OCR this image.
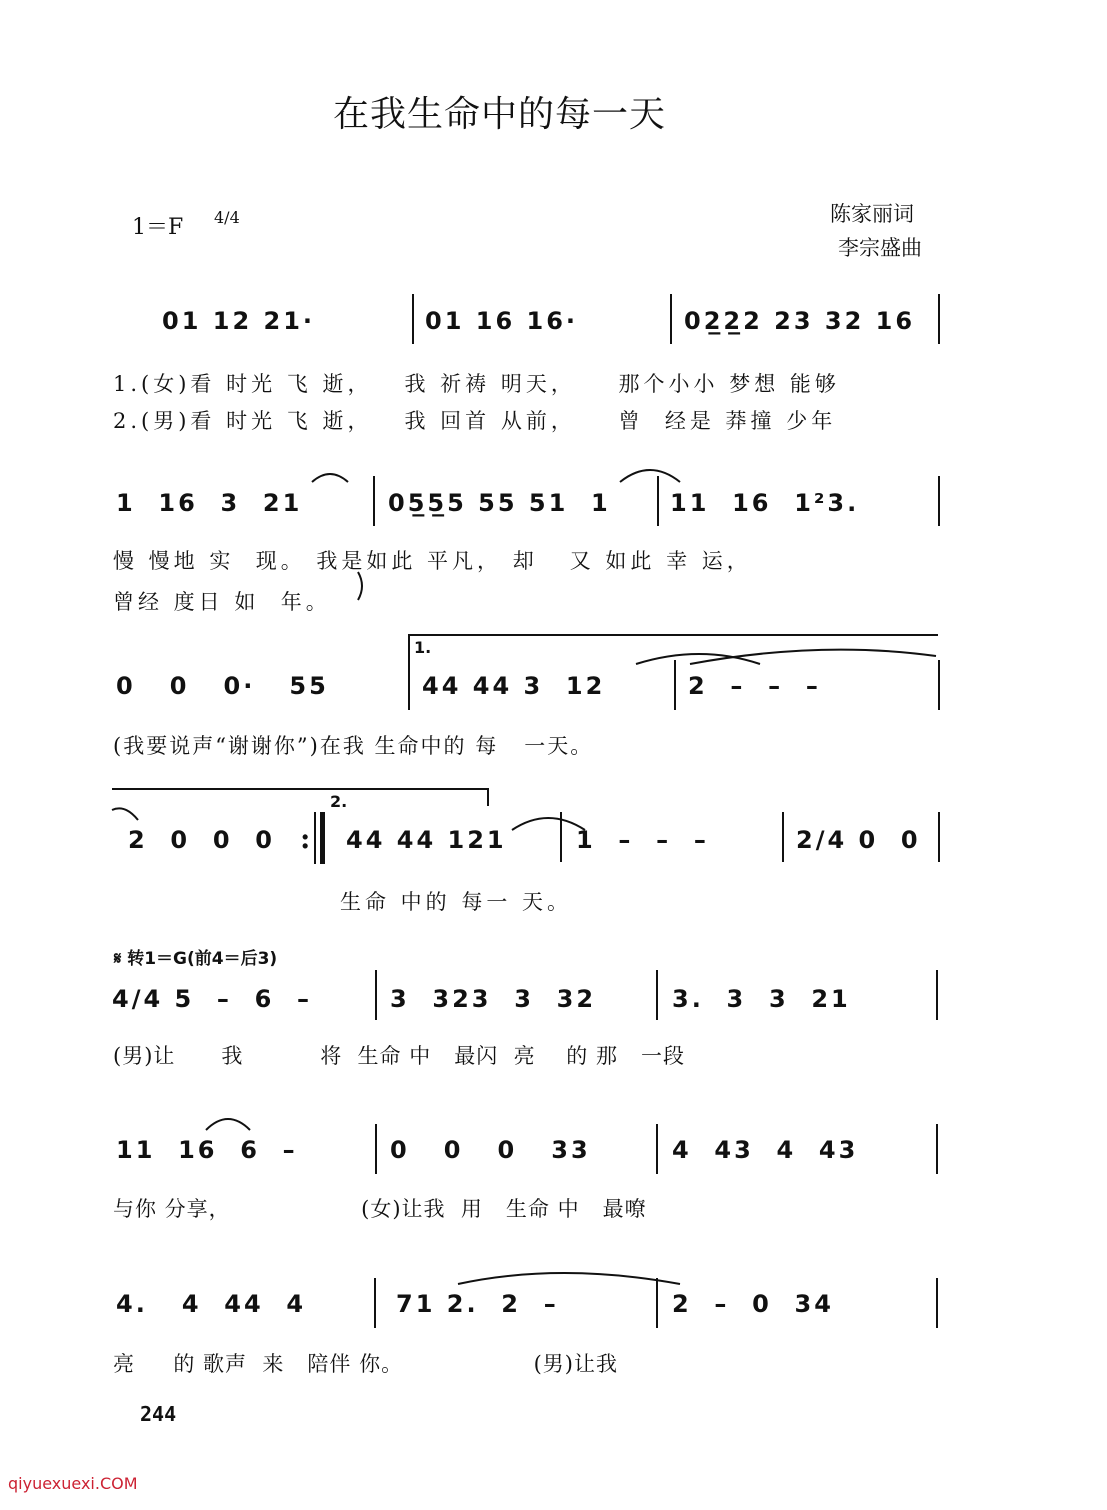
在我生命中的每一天
1＝F 4/4	陈家丽词
李宗盛曲
01 12 21·	01 16 16·	02̲2̲2 23 32 16
1.(女)看 时光 飞 逝，   我 祈祷 明天，    那个小小 梦想 能够
2.(男)看 时光 飞 逝，   我 回首 从前，    曾  经是 莽撞 少年
1  16  3  21	05̲5̲5 55 51  1 11  16  1²3.
慢 慢地 实  现。 我是如此 平凡， 却   又 如此 幸 运，
曾经 度日 如  年。
1.
0   0   0·   55	44 44 3  12	2  –  –  –
(我要说声“谢谢你”)在我 生命中的 每   一天。
2.
2  0  0  0 : 44 44 121	1  –  –  –	2/4 0  0
生命 中的 每一 天。
𝄋 转1＝G(前4＝后3)
4/4 5  –  6  –	3  323  3  32	3.  3  3  21
(男)让      我          将  生命 中   最闪  亮    的 那   一段
11  16  6  –	0   0   0   33	4  43  4  43
与你 分享，                 (女)让我  用   生命 中   最嘹
4.   4  44  4	71 2.  2  –	2  –  0  34
亮     的 歌声  来   陪伴 你。                 (男)让我
244
qiyuexuexi.COM
